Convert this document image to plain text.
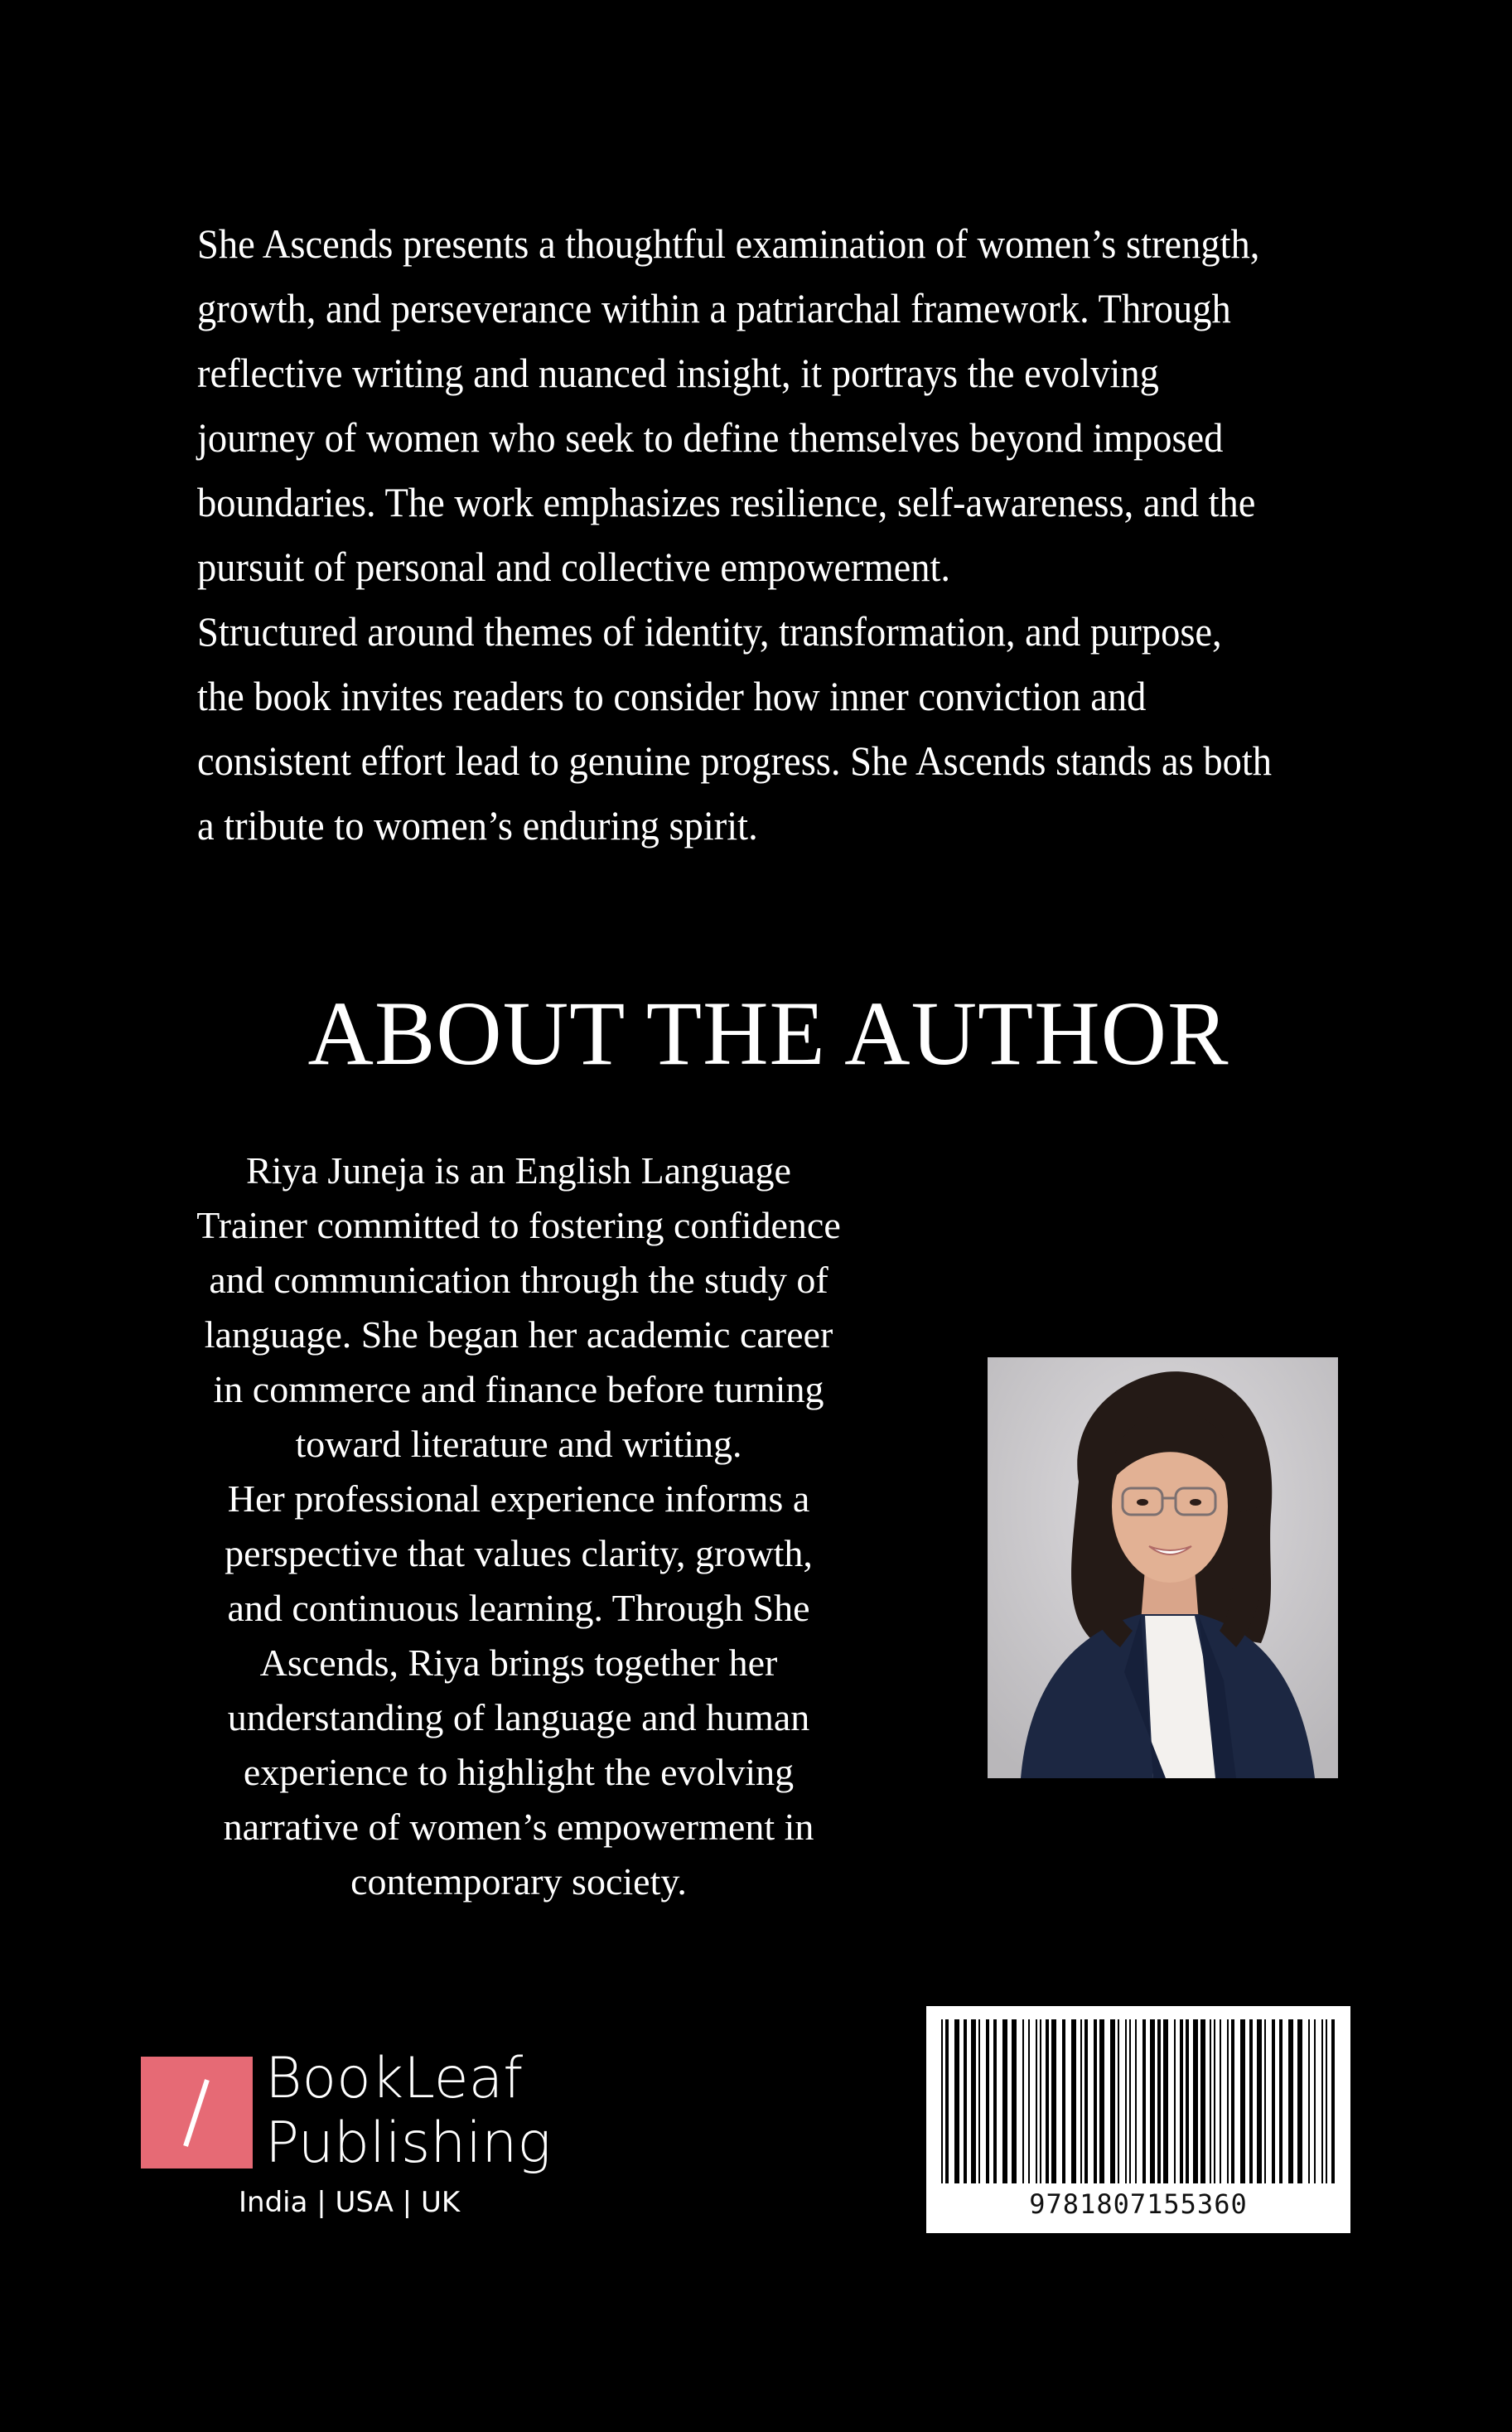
She Ascends presents a thoughtful examination of women’s strength, growth, and perseverance within a patriarchal framework. Through reflective writing and nuanced insight, it portrays the evolving journey of women who seek to define themselves beyond imposed boundaries. The work emphasizes resilience, self-awareness, and the pursuit of personal and collective empowerment.

Structured around themes of identity, transformation, and purpose, the book invites readers to consider how inner conviction and consistent effort lead to genuine progress. She Ascends stands as both a tribute to women’s enduring spirit.

ABOUT THE AUTHOR

Riya Juneja is an English Language

Trainer committed to fostering confidence

and communication through the study of

language. She began her academic career

in commerce and finance before turning

toward literature and writing.

Her professional experience informs a

perspective that values clarity, growth,

and continuous learning. Through She

Ascends, Riya brings together her

understanding of language and human

experience to highlight the evolving

narrative of women’s empowerment in

contemporary society.

BookLeaf
Publishing
India | USA | UK	9781807155360
